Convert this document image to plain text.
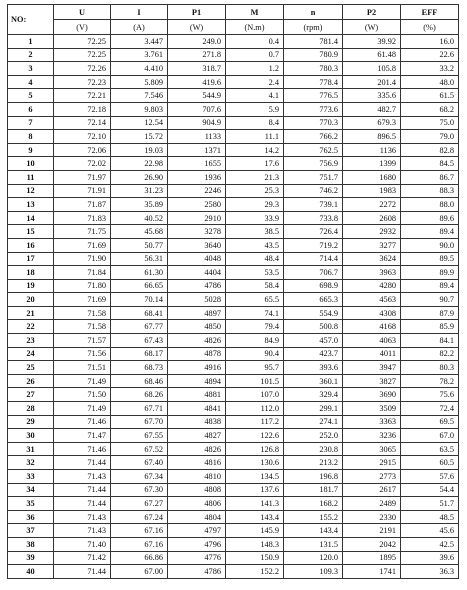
NO:	U	I	P1	M	n	P2	EFF
	(V)	(A)	(W)	(N.m)	(rpm)	(W)	(%)
1	72.25	3.447	249.0	0.4	781.4	39.92	16.0
2	72.25	3.761	271.8	0.7	780.9	61.48	22.6
3	72.26	4.410	318.7	1.2	780.3	105.8	33.2
4	72.23	5.809	419.6	2.4	778.4	201.4	48.0
5	72.21	7.546	544.9	4.1	776.5	335.6	61.5
6	72.18	9.803	707.6	5.9	773.6	482.7	68.2
7	72.14	12.54	904.9	8.4	770.3	679.3	75.0
8	72.10	15.72	1133	11.1	766.2	896.5	79.0
9	72.06	19.03	1371	14.2	762.5	1136	82.8
10	72.02	22.98	1655	17.6	756.9	1399	84.5
11	71.97	26.90	1936	21.3	751.7	1680	86.7
12	71.91	31.23	2246	25.3	746.2	1983	88.3
13	71.87	35.89	2580	29.3	739.1	2272	88.0
14	71.83	40.52	2910	33.9	733.8	2608	89.6
15	71.75	45.68	3278	38.5	726.4	2932	89.4
16	71.69	50.77	3640	43.5	719.2	3277	90.0
17	71.90	56.31	4048	48.4	714.4	3624	89.5
18	71.84	61.30	4404	53.5	706.7	3963	89.9
19	71.80	66.65	4786	58.4	698.9	4280	89.4
20	71.69	70.14	5028	65.5	665.3	4563	90.7
21	71.58	68.41	4897	74.1	554.9	4308	87.9
22	71.58	67.77	4850	79.4	500.8	4168	85.9
23	71.57	67.43	4826	84.9	457.0	4063	84.1
24	71.56	68.17	4878	90.4	423.7	4011	82.2
25	71.51	68.73	4916	95.7	393.6	3947	80.3
26	71.49	68.46	4894	101.5	360.1	3827	78.2
27	71.50	68.26	4881	107.0	329.4	3690	75.6
28	71.49	67.71	4841	112.0	299.1	3509	72.4
29	71.46	67.70	4838	117.2	274.1	3363	69.5
30	71.47	67.55	4827	122.6	252.0	3236	67.0
31	71.46	67.52	4826	126.8	230.8	3065	63.5
32	71.44	67.40	4816	130.6	213.2	2915	60.5
33	71.43	67.34	4810	134.5	196.8	2773	57.6
34	71.44	67.30	4808	137.6	181.7	2617	54.4
35	71.44	67.27	4806	141.3	168.2	2489	51.7
36	71.43	67.24	4804	143.4	155.2	2330	48.5
37	71.43	67.16	4797	145.9	143.4	2191	45.6
38	71.40	67.16	4796	148.3	131.5	2042	42.5
39	71.42	66.86	4776	150.9	120.0	1895	39.6
40	71.44	67.00	4786	152.2	109.3	1741	36.3
